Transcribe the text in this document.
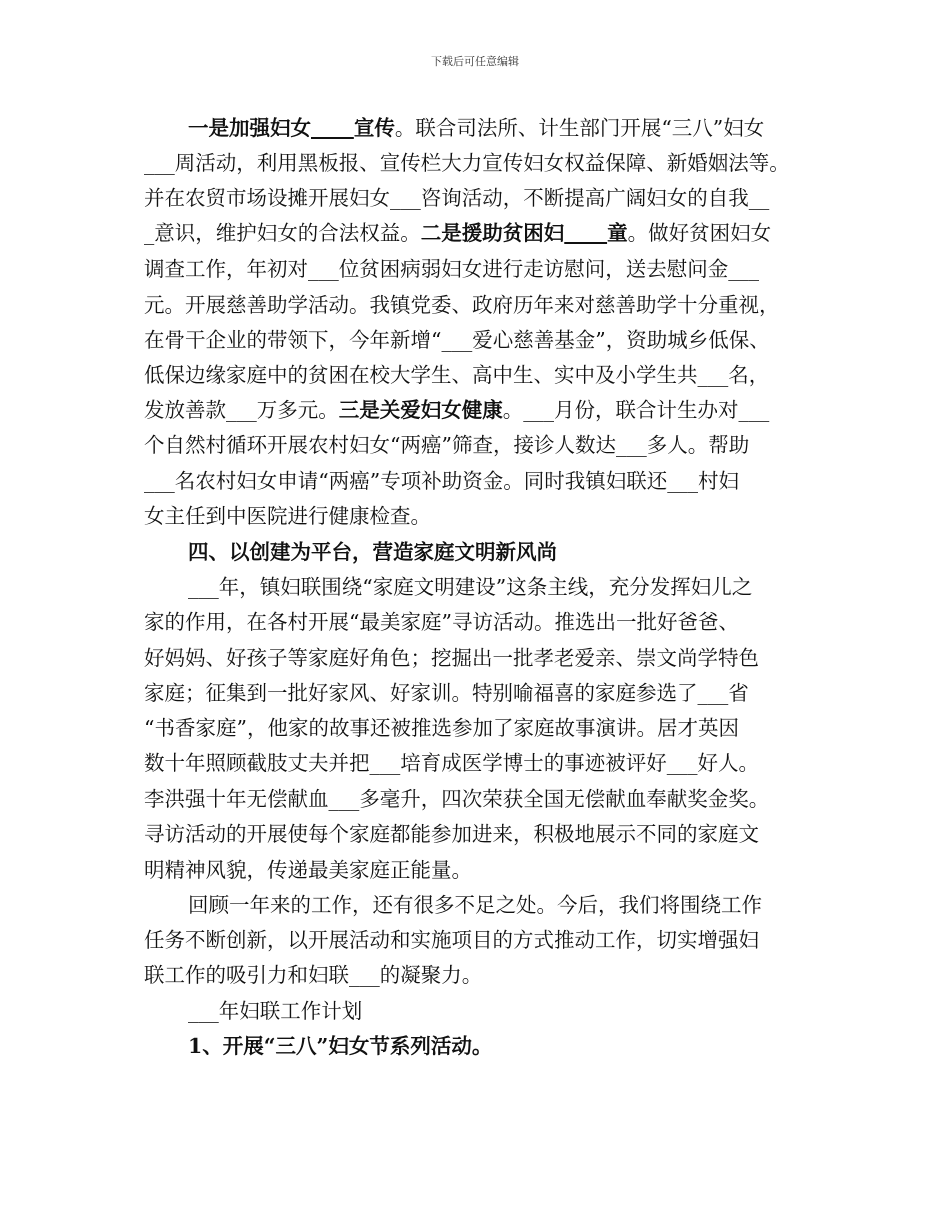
下载后可任意编辑
一是加强妇女 宣传。联合司法所、计生部门开展“三八”妇女
___周活动，利用黑板报、宣传栏大力宣传妇女权益保障、新婚姻法等。
并在农贸市场设摊开展妇女___咨询活动，不断提高广阔妇女的自我__
_意识，维护妇女的合法权益。二是援助贫困妇 童。做好贫困妇女
调查工作，年初对___位贫困病弱妇女进行走访慰问，送去慰问金___
元。开展慈善助学活动。我镇党委、政府历年来对慈善助学十分重视，
在骨干企业的带领下，今年新增“___爱心慈善基金”，资助城乡低保、
低保边缘家庭中的贫困在校大学生、高中生、实中及小学生共___名，
发放善款___万多元。三是关爱妇女健康。___月份，联合计生办对___
个自然村循环开展农村妇女“两癌”筛查，接诊人数达___多人。帮助
___名农村妇女申请“两癌”专项补助资金。同时我镇妇联还___村妇
女主任到中医院进行健康检查。
四、以创建为平台，营造家庭文明新风尚
___年，镇妇联围绕“家庭文明建设”这条主线，充分发挥妇儿之
家的作用，在各村开展“最美家庭”寻访活动。推选出一批好爸爸、
好妈妈、好孩子等家庭好角色；挖掘出一批孝老爱亲、崇文尚学特色
家庭；征集到一批好家风、好家训。特别喻福喜的家庭参选了___省
“书香家庭”，他家的故事还被推选参加了家庭故事演讲。居才英因
数十年照顾截肢丈夫并把___培育成医学博士的事迹被评好___好人。
李洪强十年无偿献血___多毫升，四次荣获全国无偿献血奉献奖金奖。
寻访活动的开展使每个家庭都能参加进来，积极地展示不同的家庭文
明精神风貌，传递最美家庭正能量。
回顾一年来的工作，还有很多不足之处。今后，我们将围绕工作
任务不断创新，以开展活动和实施项目的方式推动工作，切实增强妇
联工作的吸引力和妇联___的凝聚力。
___年妇联工作计划
1、开展“三八”妇女节系列活动。
